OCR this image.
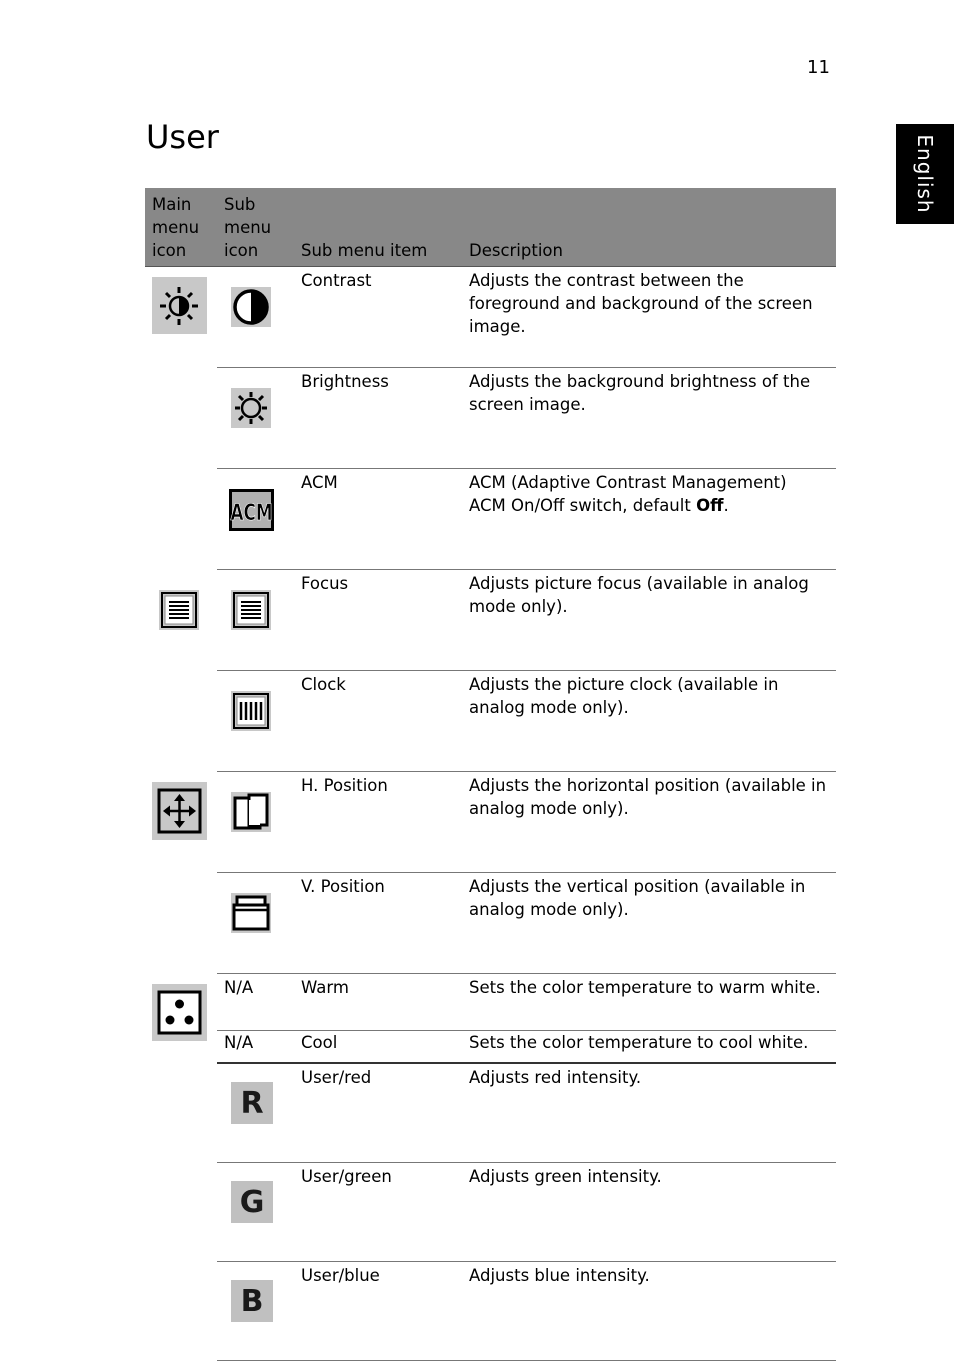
11
English
User
Main menu icon	Sub menu icon	Sub menu item	Description

	Contrast	Adjusts the contrast between the foreground and background of the screen image.

	Brightness	Adjusts the background brightness of the screen image.

ACM	ACM	ACM (Adaptive Contrast Management) ACM On/Off switch, default Off.

	Focus	Adjusts picture focus (available in analog mode only).

	Clock	Adjusts the picture clock (available in analog mode only).

	H. Position	Adjusts the horizontal position (available in analog mode only).

	V. Position	Adjusts the vertical position (available in analog mode only).

	N/A	Warm	Sets the color temperature to warm white.
	N/A	Cool	Sets the color temperature to cool white.

R	User/red	Adjusts red intensity.

G	User/green	Adjusts green intensity.

B	User/blue	Adjusts blue intensity.
